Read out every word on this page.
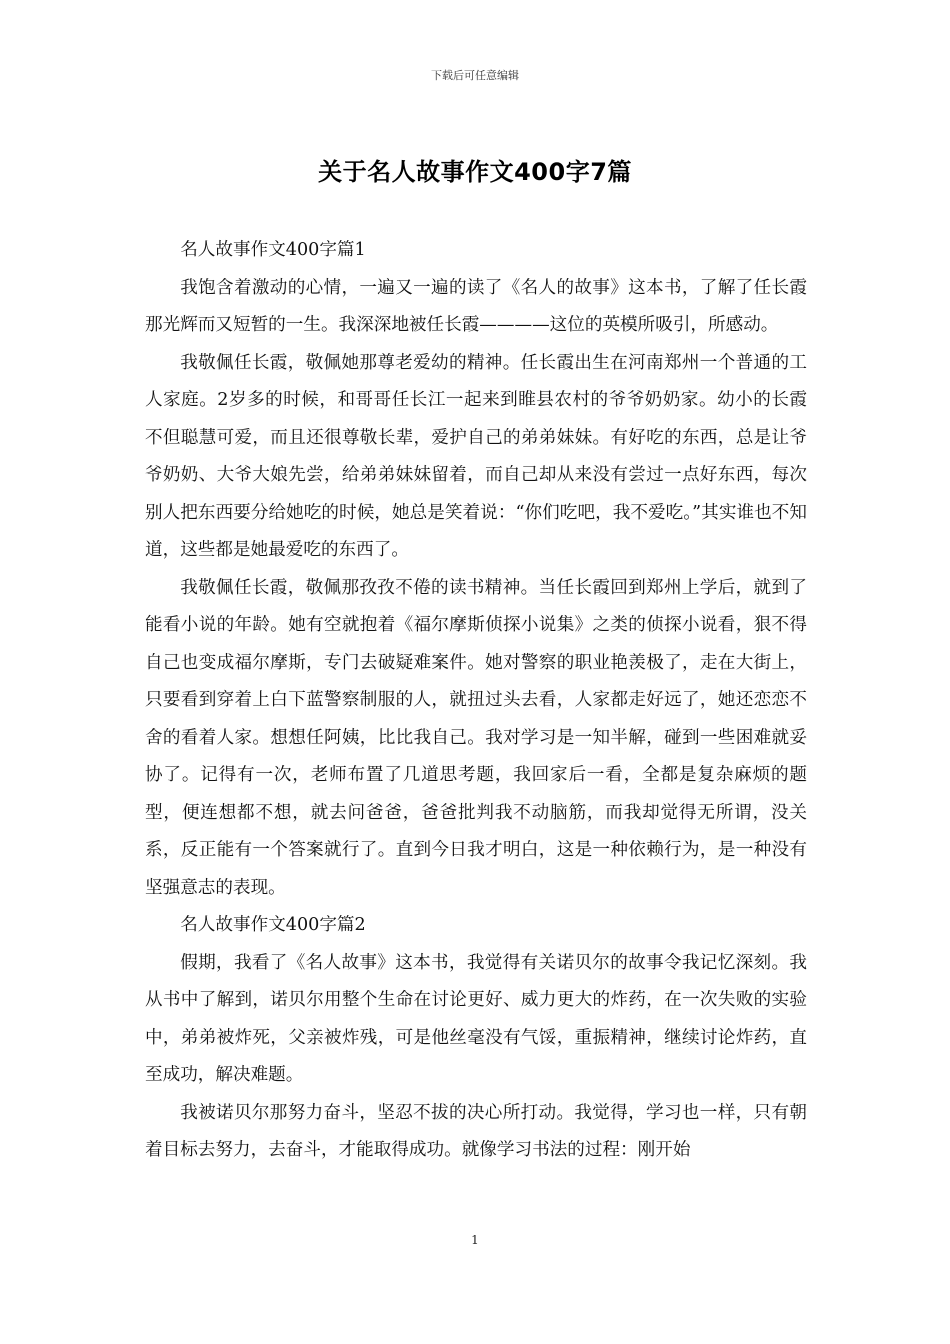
下载后可任意编辑
关于名人故事作文400字7篇

名人故事作文400字篇1

我饱含着激动的心情，一遍又一遍的读了《名人的故事》这本书，了解了任长霞那光辉而又短暂的一生。我深深地被任长霞————这位的英模所吸引，所感动。

我敬佩任长霞，敬佩她那尊老爱幼的精神。任长霞出生在河南郑州一个普通的工人家庭。2岁多的时候，和哥哥任长江一起来到睢县农村的爷爷奶奶家。幼小的长霞不但聪慧可爱，而且还很尊敬长辈，爱护自己的弟弟妹妹。有好吃的东西，总是让爷爷奶奶、大爷大娘先尝，给弟弟妹妹留着，而自己却从来没有尝过一点好东西，每次别人把东西要分给她吃的时候，她总是笑着说：“你们吃吧，我不爱吃。”其实谁也不知道，这些都是她最爱吃的东西了。

我敬佩任长霞，敬佩那孜孜不倦的读书精神。当任长霞回到郑州上学后，就到了能看小说的年龄。她有空就抱着《福尔摩斯侦探小说集》之类的侦探小说看，狠不得自己也变成福尔摩斯，专门去破疑难案件。她对警察的职业艳羡极了，走在大街上，只要看到穿着上白下蓝警察制服的人，就扭过头去看，人家都走好远了，她还恋恋不舍的看着人家。想想任阿姨，比比我自己。我对学习是一知半解，碰到一些困难就妥协了。记得有一次，老师布置了几道思考题，我回家后一看，全都是复杂麻烦的题型，便连想都不想，就去问爸爸，爸爸批判我不动脑筋，而我却觉得无所谓，没关系，反正能有一个答案就行了。直到今日我才明白，这是一种依赖行为，是一种没有坚强意志的表现。

名人故事作文400字篇2

假期，我看了《名人故事》这本书，我觉得有关诺贝尔的故事令我记忆深刻。我从书中了解到，诺贝尔用整个生命在讨论更好、威力更大的炸药，在一次失败的实验中，弟弟被炸死，父亲被炸残，可是他丝毫没有气馁，重振精神，继续讨论炸药，直至成功，解决难题。

我被诺贝尔那努力奋斗，坚忍不拔的决心所打动。我觉得，学习也一样，只有朝着目标去努力，去奋斗，才能取得成功。就像学习书法的过程：刚开始

1
